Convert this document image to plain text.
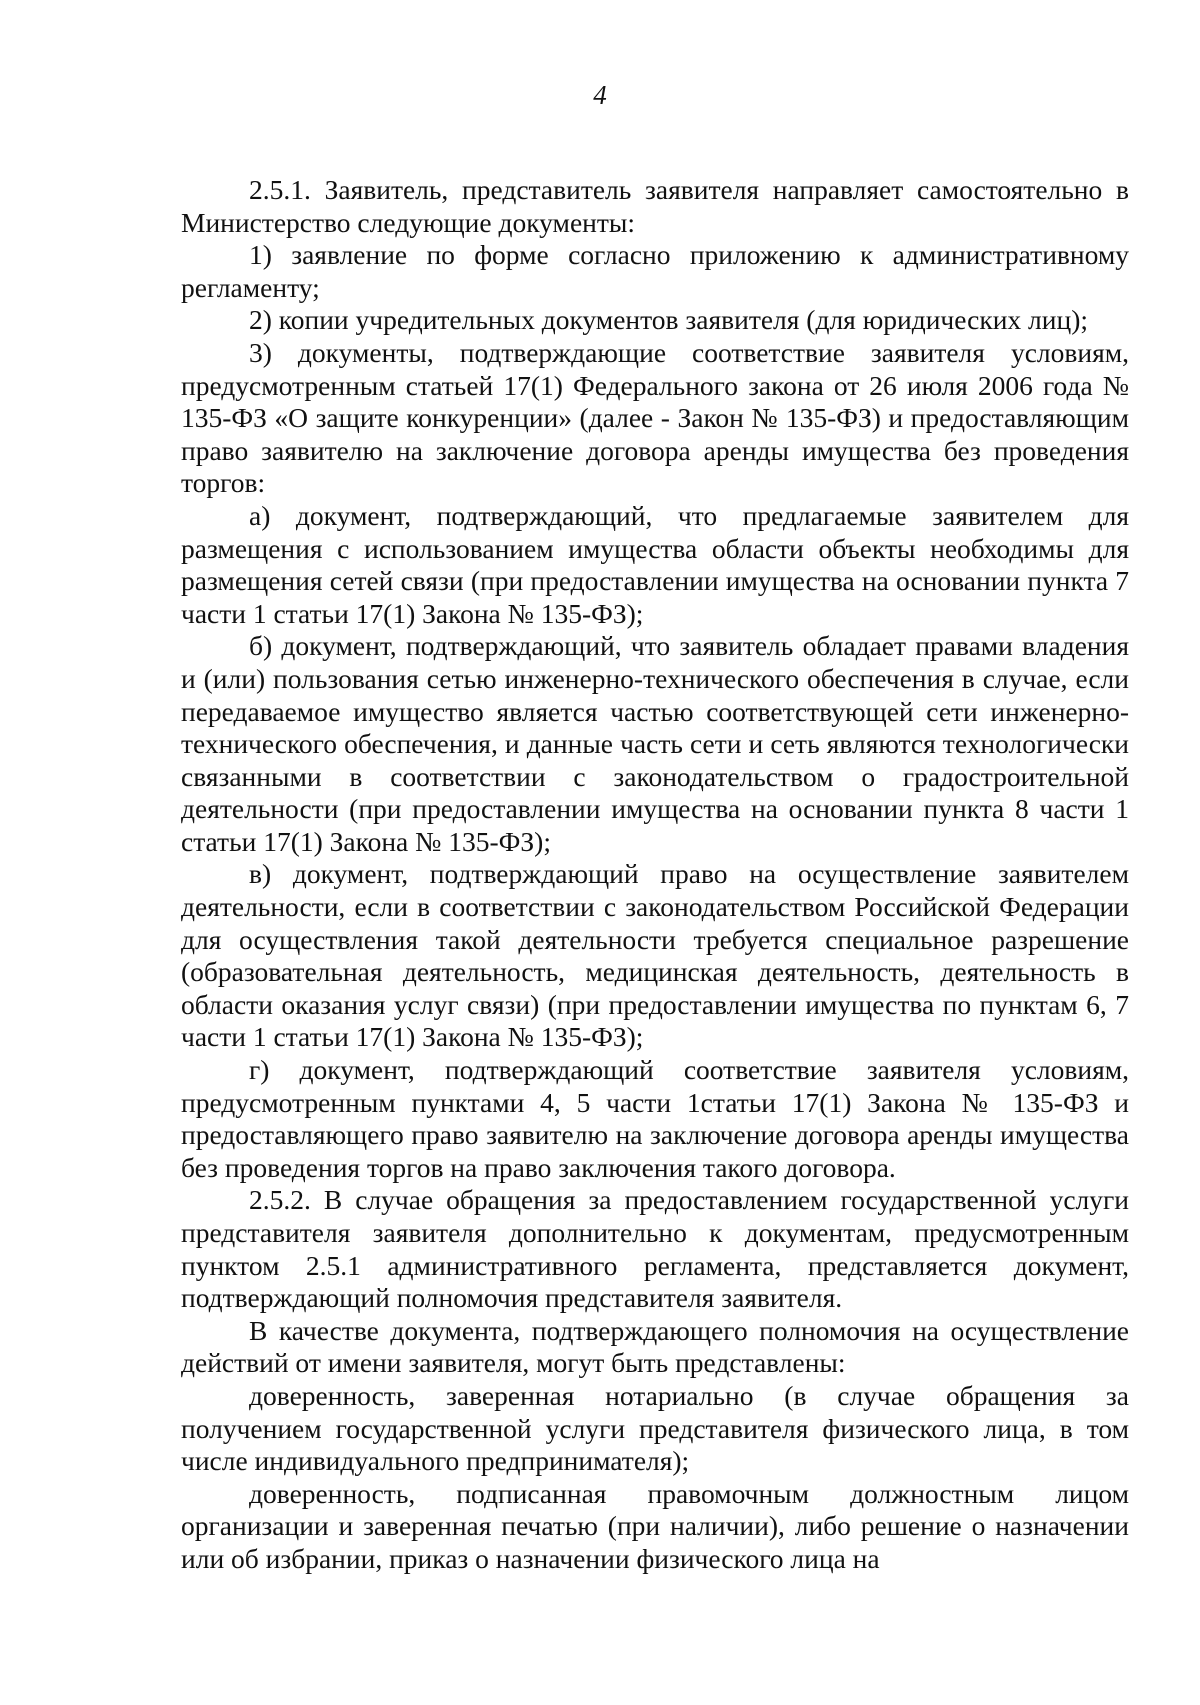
4

2.5.1. Заявитель, представитель заявителя направляет самостоятельно в Министерство следующие документы:

1) заявление по форме согласно приложению к административному регламенту;

2) копии учредительных документов заявителя (для юридических лиц);

3) документы, подтверждающие соответствие заявителя условиям, предусмотренным статьей 17(1) Федерального закона от 26 июля 2006 года № 135-ФЗ «О защите конкуренции» (далее - Закон № 135-ФЗ) и предоставляющим право заявителю на заключение договора аренды имущества без проведения торгов:

а) документ, подтверждающий, что предлагаемые заявителем для размещения с использованием имущества области объекты необходимы для размещения сетей связи (при предоставлении имущества на основании пункта 7 части 1 статьи 17(1) Закона № 135-ФЗ);

б) документ, подтверждающий, что заявитель обладает правами владения и (или) пользования сетью инженерно-технического обеспечения в случае, если передаваемое имущество является частью соответствующей сети инженерно-технического обеспечения, и данные часть сети и сеть являются технологически связанными в соответствии с законодательством о градостроительной деятельности (при предоставлении имущества на основании пункта 8 части 1 статьи 17(1) Закона № 135-ФЗ);

в) документ, подтверждающий право на осуществление заявителем деятельности, если в соответствии с законодательством Российской Федерации для осуществления такой деятельности требуется специальное разрешение (образовательная деятельность, медицинская деятельность, деятельность в области оказания услуг связи) (при предоставлении имущества по пунктам 6, 7 части 1 статьи 17(1) Закона № 135-ФЗ);

г) документ, подтверждающий соответствие заявителя условиям, предусмотренным пунктами 4, 5 части 1статьи 17(1) Закона № 135-ФЗ и предоставляющего право заявителю на заключение договора аренды имущества без проведения торгов на право заключения такого договора.

2.5.2. В случае обращения за предоставлением государственной услуги представителя заявителя дополнительно к документам, предусмотренным пунктом 2.5.1 административного регламента, представляется документ, подтверждающий полномочия представителя заявителя.

В качестве документа, подтверждающего полномочия на осуществление действий от имени заявителя, могут быть представлены:

доверенность, заверенная нотариально (в случае обращения за получением государственной услуги представителя физического лица, в том числе индивидуального предпринимателя);

доверенность, подписанная правомочным должностным лицом организации и заверенная печатью (при наличии), либо решение о назначении или об избрании, приказ о назначении физического лица на
